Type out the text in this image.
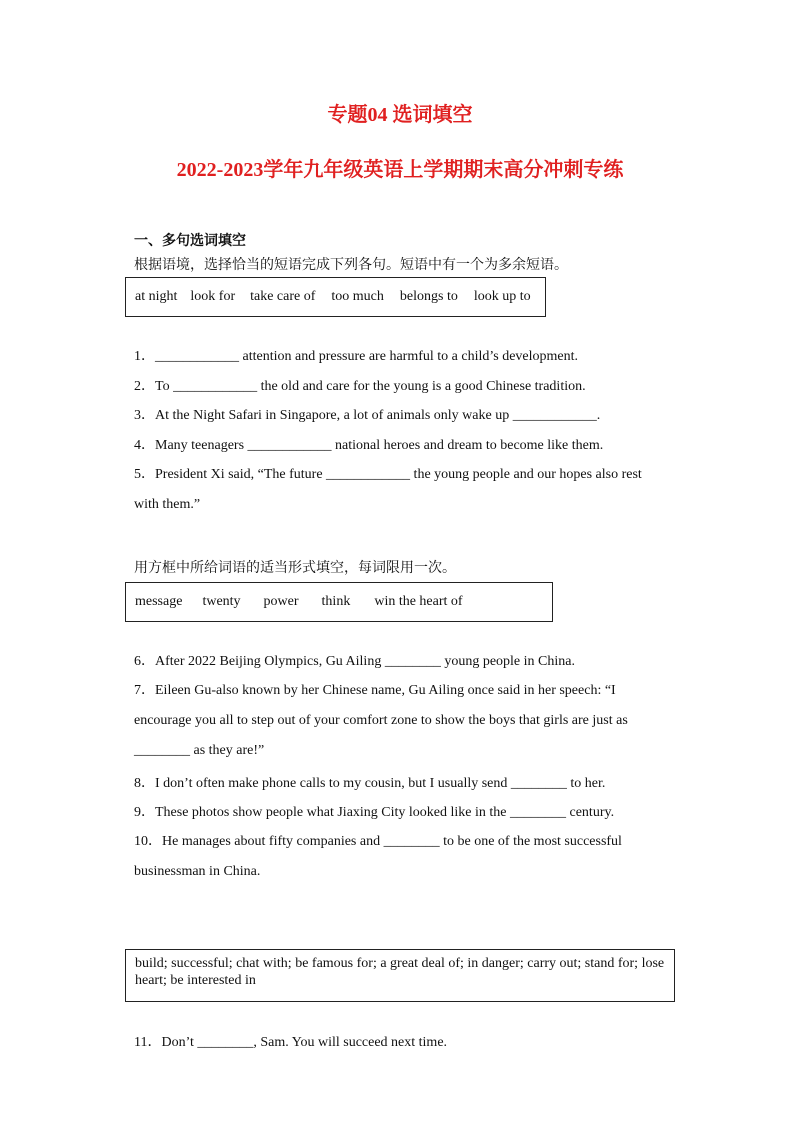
专题04 选词填空
2022-2023学年九年级英语上学期期末高分冲刺专练
一、多句选词填空
根据语境，选择恰当的短语完成下列各句。短语中有一个为多余短语。
at night look for take care of too much belongs to look up to
1．____________ attention and pressure are harmful to a child’s development.
2．To ____________ the old and care for the young is a good Chinese tradition.
3．At the Night Safari in Singapore, a lot of animals only wake up ____________.
4．Many teenagers ____________ national heroes and dream to become like them.
5．President Xi said, “The future ____________ the young people and our hopes also rest with them.”
用方框中所给词语的适当形式填空，每词限用一次。
message twenty power think win the heart of
6．After 2022 Beijing Olympics, Gu Ailing ________ young people in China.
7．Eileen Gu-also known by her Chinese name, Gu Ailing once said in her speech: “I encourage you all to step out of your comfort zone to show the boys that girls are just as ________ as they are!”
8．I don’t often make phone calls to my cousin, but I usually send ________ to her.
9．These photos show people what Jiaxing City looked like in the ________ century.
10．He manages about fifty companies and ________ to be one of the most successful businessman in China.
build; successful; chat with; be famous for; a great deal of; in danger; carry out; stand for; lose heart; be interested in
11．Don’t ________, Sam. You will succeed next time.
